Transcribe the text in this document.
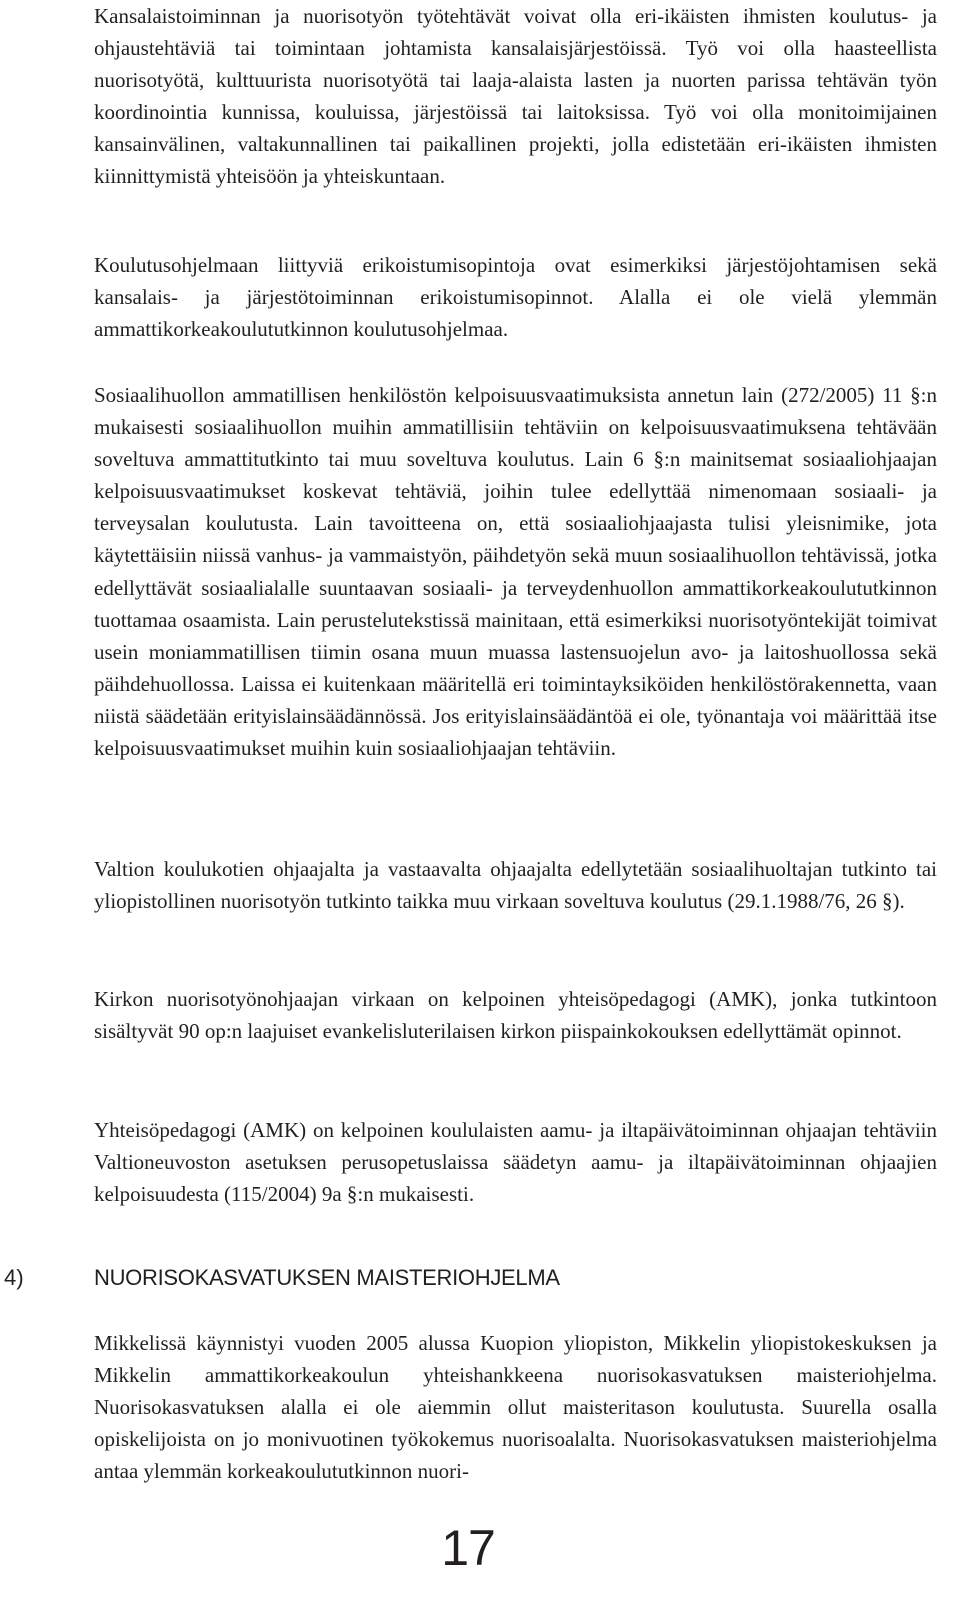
Kansalaistoiminnan ja nuorisotyön työtehtävät voivat olla eri-ikäisten ihmisten koulutus- ja ohjaustehtäviä tai toimintaan johtamista kansalaisjärjestöissä. Työ voi olla haasteellista nuorisotyötä, kulttuurista nuorisotyötä tai laaja-alaista lasten ja nuorten parissa tehtävän työn koordinointia kunnissa, kouluissa, järjestöissä tai laitoksissa. Työ voi olla monitoimijainen kansainvälinen, valtakunnallinen tai paikallinen projekti, jolla edistetään eri-ikäisten ihmisten kiinnittymistä yhteisöön ja yhteiskuntaan.

Koulutusohjelmaan liittyviä erikoistumisopintoja ovat esimerkiksi järjestöjohtamisen sekä kansalais- ja järjestötoiminnan erikoistumisopinnot. Alalla ei ole vielä ylemmän ammattikorkeakoulututkinnon koulutusohjelmaa.

Sosiaalihuollon ammatillisen henkilöstön kelpoisuusvaatimuksista annetun lain (272/2005) 11 §:n mukaisesti sosiaalihuollon muihin ammatillisiin tehtäviin on kelpoisuusvaatimuksena tehtävään soveltuva ammattitutkinto tai muu soveltuva koulutus. Lain 6 §:n mainitsemat sosiaaliohjaajan kelpoisuusvaatimukset koskevat tehtäviä, joihin tulee edellyttää nimenomaan sosiaali- ja terveysalan koulutusta. Lain tavoitteena on, että sosiaaliohjaajasta tulisi yleisnimike, jota käytettäisiin niissä vanhus- ja vammaistyön, päihdetyön sekä muun sosiaalihuollon tehtävissä, jotka edellyttävät sosiaalialalle suuntaavan sosiaali- ja terveydenhuollon ammattikorkeakoulututkinnon tuottamaa osaamista. Lain perustelutekstissä mainitaan, että esimerkiksi nuorisotyöntekijät toimivat usein moniammatillisen tiimin osana muun muassa lastensuojelun avo- ja laitoshuollossa sekä päihdehuollossa. Laissa ei kuitenkaan määritellä eri toimintayksiköiden henkilöstörakennetta, vaan niistä säädetään erityislainsäädännössä. Jos erityislainsäädäntöä ei ole, työnantaja voi määrittää itse kelpoisuusvaatimukset muihin kuin sosiaaliohjaajan tehtäviin.

Valtion koulukotien ohjaajalta ja vastaavalta ohjaajalta edellytetään sosiaalihuoltajan tutkinto tai yliopistollinen nuorisotyön tutkinto taikka muu virkaan soveltuva koulutus (29.1.1988/76, 26 §).

Kirkon nuorisotyönohjaajan virkaan on kelpoinen yhteisöpedagogi (AMK), jonka tutkintoon sisältyvät 90 op:n laajuiset evankelisluterilaisen kirkon piispainkokouksen edellyttämät opinnot.

Yhteisöpedagogi (AMK) on kelpoinen koululaisten aamu- ja iltapäivätoiminnan ohjaajan tehtäviin Valtioneuvoston asetuksen perusopetuslaissa säädetyn aamu- ja iltapäivätoiminnan ohjaajien kelpoisuudesta (115/2004) 9a §:n mukaisesti.

4)	NUORISOKASVATUKSEN MAISTERIOHJELMA

Mikkelissä käynnistyi vuoden 2005 alussa Kuopion yliopiston, Mikkelin yliopistokeskuksen ja Mikkelin ammattikorkeakoulun yhteishankkeena nuorisokasvatuksen maisteriohjelma. Nuorisokasvatuksen alalla ei ole aiemmin ollut maisteritason koulutusta. Suurella osalla opiskelijoista on jo monivuotinen työkokemus nuorisoalalta. Nuorisokasvatuksen maisteriohjelma antaa ylemmän korkeakoulututkinnon nuori-

17
